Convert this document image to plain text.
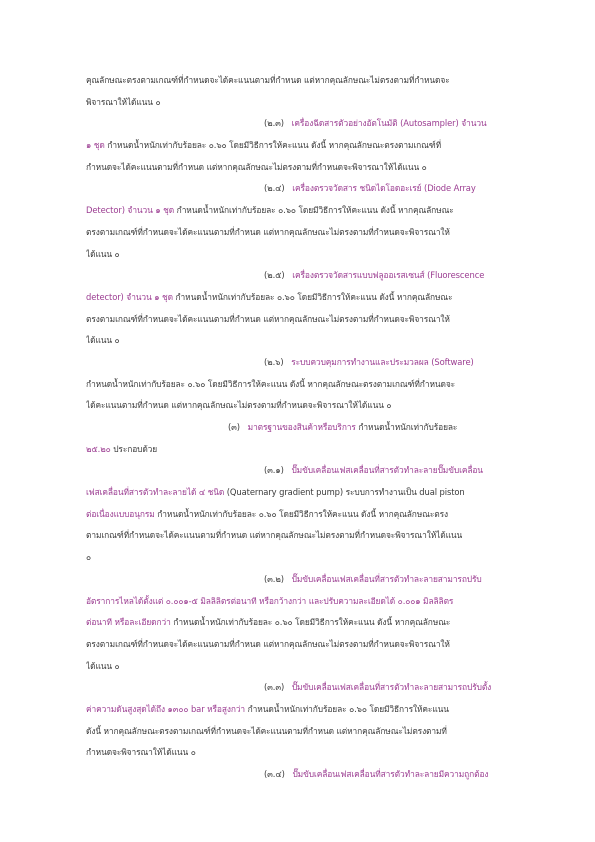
คุณลักษณะตรงตามเกณฑ์ที่กำหนดจะได้คะแนนตามที่กำหนด แต่หากคุณลักษณะไม่ตรงตามที่กำหนดจะ
พิจารณาให้ได้แนน ๐
(๒.๓) เครื่องฉีดสารตัวอย่างอัตโนมัติ (Autosampler) จำนวน
๑ ชุด กำหนดน้ำหนักเท่ากับร้อยละ ๐.๖๐ โดยมีวิธีการให้คะแนน ดังนี้ หากคุณลักษณะตรงตามเกณฑ์ที่
กำหนดจะได้คะแนนตามที่กำหนด แต่หากคุณลักษณะไม่ตรงตามที่กำหนดจะพิจารณาให้ได้แนน ๐
(๒.๔) เครื่องตรวจวัดสาร ชนิดไดโอดอะเรย์ (Diode Array
Detector) จำนวน ๑ ชุด กำหนดน้ำหนักเท่ากับร้อยละ ๐.๖๐ โดยมีวิธีการให้คะแนน ดังนี้ หากคุณลักษณะ
ตรงตามเกณฑ์ที่กำหนดจะได้คะแนนตามที่กำหนด แต่หากคุณลักษณะไม่ตรงตามที่กำหนดจะพิจารณาให้
ได้แนน ๐
(๒.๕) เครื่องตรวจวัดสารแบบฟลูออเรสเซนส์ (Fluorescence
detector) จำนวน ๑ ชุด กำหนดน้ำหนักเท่ากับร้อยละ ๐.๖๐ โดยมีวิธีการให้คะแนน ดังนี้ หากคุณลักษณะ
ตรงตามเกณฑ์ที่กำหนดจะได้คะแนนตามที่กำหนด แต่หากคุณลักษณะไม่ตรงตามที่กำหนดจะพิจารณาให้
ได้แนน ๐
(๒.๖) ระบบควบคุมการทำงานและประมวลผล (Software)
กำหนดน้ำหนักเท่ากับร้อยละ ๐.๖๐ โดยมีวิธีการให้คะแนน ดังนี้ หากคุณลักษณะตรงตามเกณฑ์ที่กำหนดจะ
ได้คะแนนตามที่กำหนด แต่หากคุณลักษณะไม่ตรงตามที่กำหนดจะพิจารณาให้ได้แนน ๐
(๓) มาตรฐานของสินค้าหรือบริการ กำหนดน้ำหนักเท่ากับร้อยละ
๒๕.๒๐ ประกอบด้วย
(๓.๑) ปั๊มขับเคลื่อนเฟสเคลื่อนที่สารตัวทำละลายปั๊มขับเคลื่อน
เฟสเคลื่อนที่สารตัวทำละลายได้ ๔ ชนิด (Quaternary gradient pump) ระบบการทำงานเป็น dual piston
ต่อเนื่องแบบอนุกรม กำหนดน้ำหนักเท่ากับร้อยละ ๐.๖๐ โดยมีวิธีการให้คะแนน ดังนี้ หากคุณลักษณะตรง
ตามเกณฑ์ที่กำหนดจะได้คะแนนตามที่กำหนด แต่หากคุณลักษณะไม่ตรงตามที่กำหนดจะพิจารณาให้ได้แนน
๐
(๓.๒) ปั๊มขับเคลื่อนเฟสเคลื่อนที่สารตัวทำละลายสามารถปรับ
อัตราการไหลได้ตั้งแต่ ๐.๐๐๑-๕ มิลลิลิตรต่อนาที หรือกว้างกว่า และปรับความละเอียดได้ ๐.๐๐๑ มิลลิลิตร
ต่อนาที หรือละเอียดกว่า กำหนดน้ำหนักเท่ากับร้อยละ ๐.๖๐ โดยมีวิธีการให้คะแนน ดังนี้ หากคุณลักษณะ
ตรงตามเกณฑ์ที่กำหนดจะได้คะแนนตามที่กำหนด แต่หากคุณลักษณะไม่ตรงตามที่กำหนดจะพิจารณาให้
ได้แนน ๐
(๓.๓) ปั๊มขับเคลื่อนเฟสเคลื่อนที่สารตัวทำละลายสามารถปรับตั้ง
ค่าความดันสูงสุดได้ถึง ๑๓๐๐ bar หรือสูงกว่า กำหนดน้ำหนักเท่ากับร้อยละ ๐.๖๐ โดยมีวิธีการให้คะแนน
ดังนี้ หากคุณลักษณะตรงตามเกณฑ์ที่กำหนดจะได้คะแนนตามที่กำหนด แต่หากคุณลักษณะไม่ตรงตามที่
กำหนดจะพิจารณาให้ได้แนน ๐
(๓.๔) ปั๊มขับเคลื่อนเฟสเคลื่อนที่สารตัวทำละลายมีความถูกต้อง
